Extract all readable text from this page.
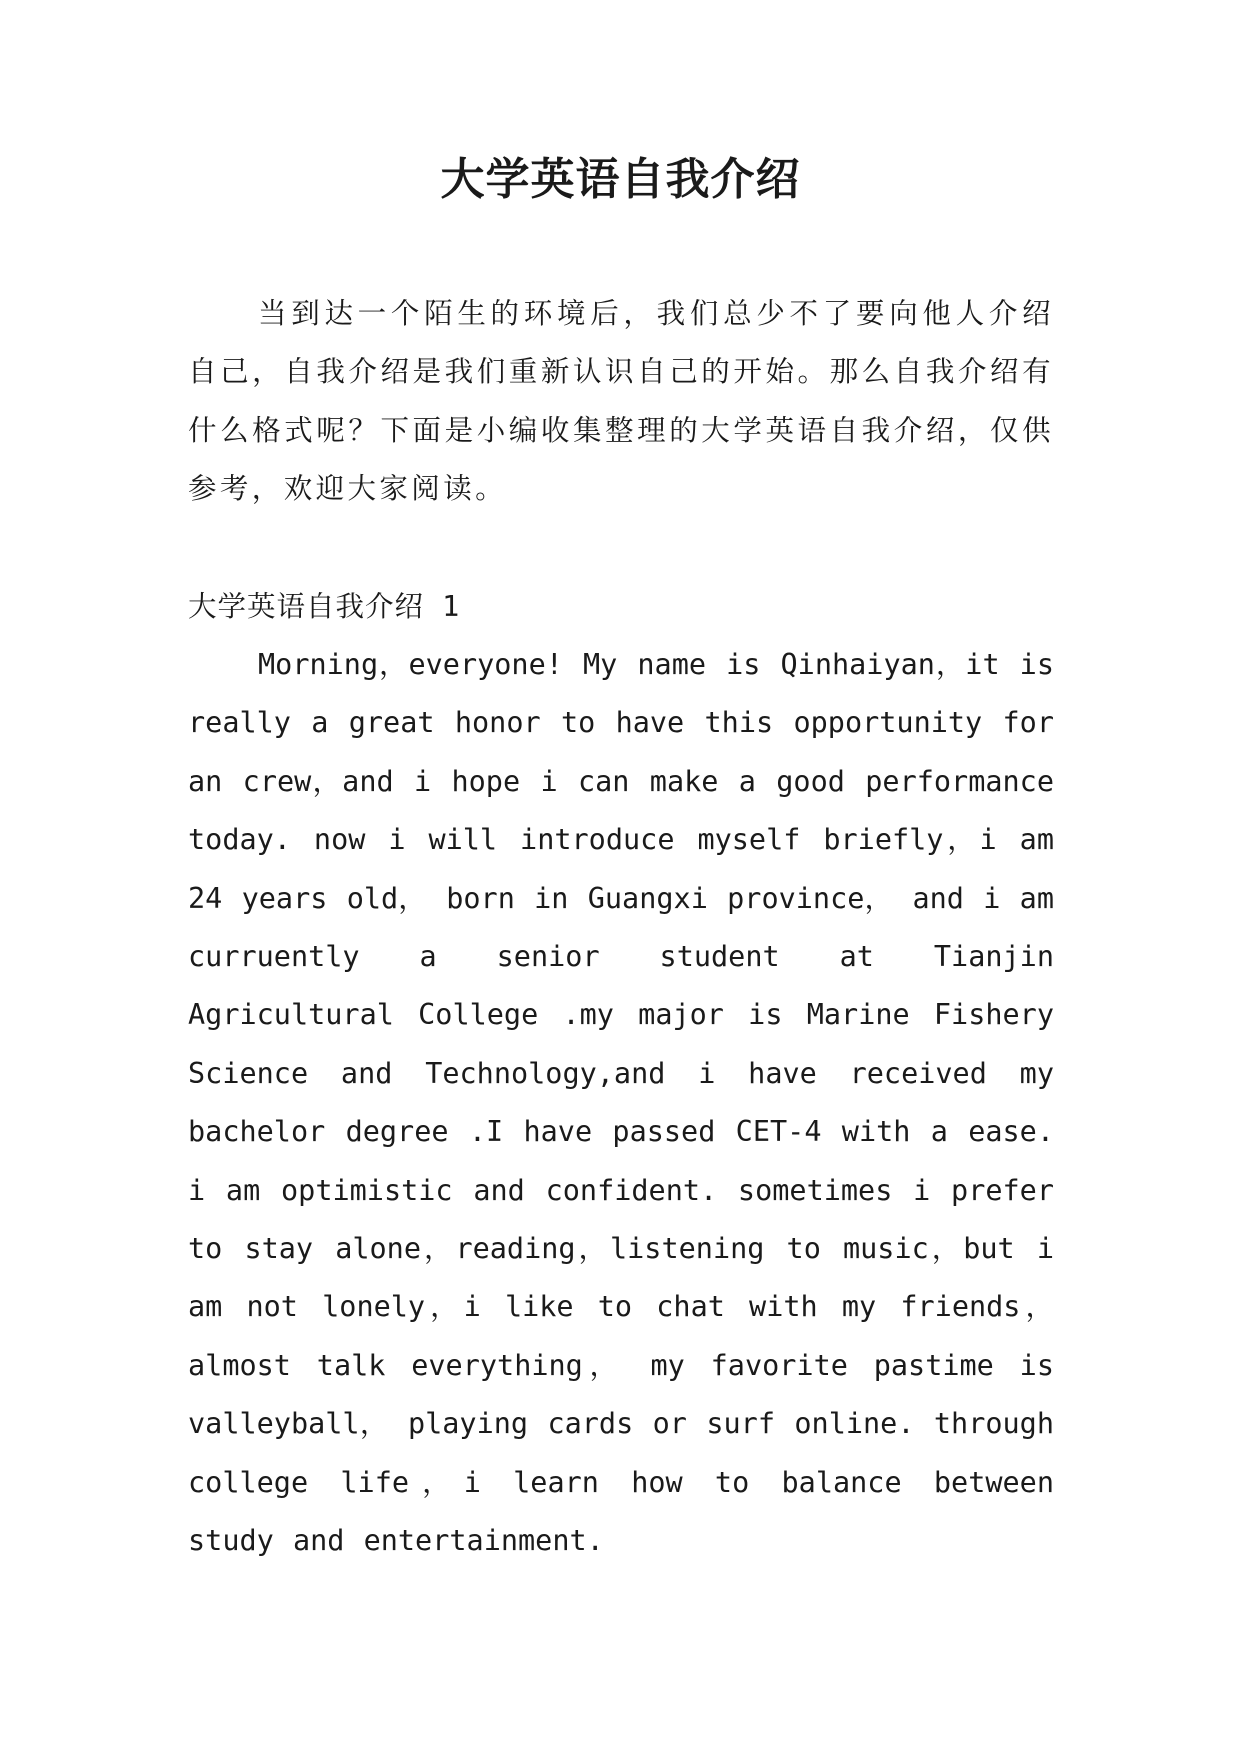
大学英语自我介绍

当到达一个陌生的环境后，我们总少不了要向他人介绍自己，自我介绍是我们重新认识自己的开始。那么自我介绍有什么格式呢？下面是小编收集整理的大学英语自我介绍，仅供参考，欢迎大家阅读。

大学英语自我介绍 1

Morning，everyone! My name is Qinhaiyan，it is really a great honor to have this opportunity for an crew，and i hope i can make a good performance today. now i will introduce myself briefly，i am 24 years old， born in Guangxi province， and i am curruently a senior student at Tianjin Agricultural College .my major is Marine Fishery Science and Technology,and i have received my bachelor degree .I have passed CET-4 with a ease. i am optimistic and confident. sometimes i prefer to stay alone，reading，listening to music，but i am not lonely，i like to chat with my friends，almost talk everything， my favorite pastime is valleyball， playing cards or surf online. through college life，i learn how to balance between study and entertainment.
